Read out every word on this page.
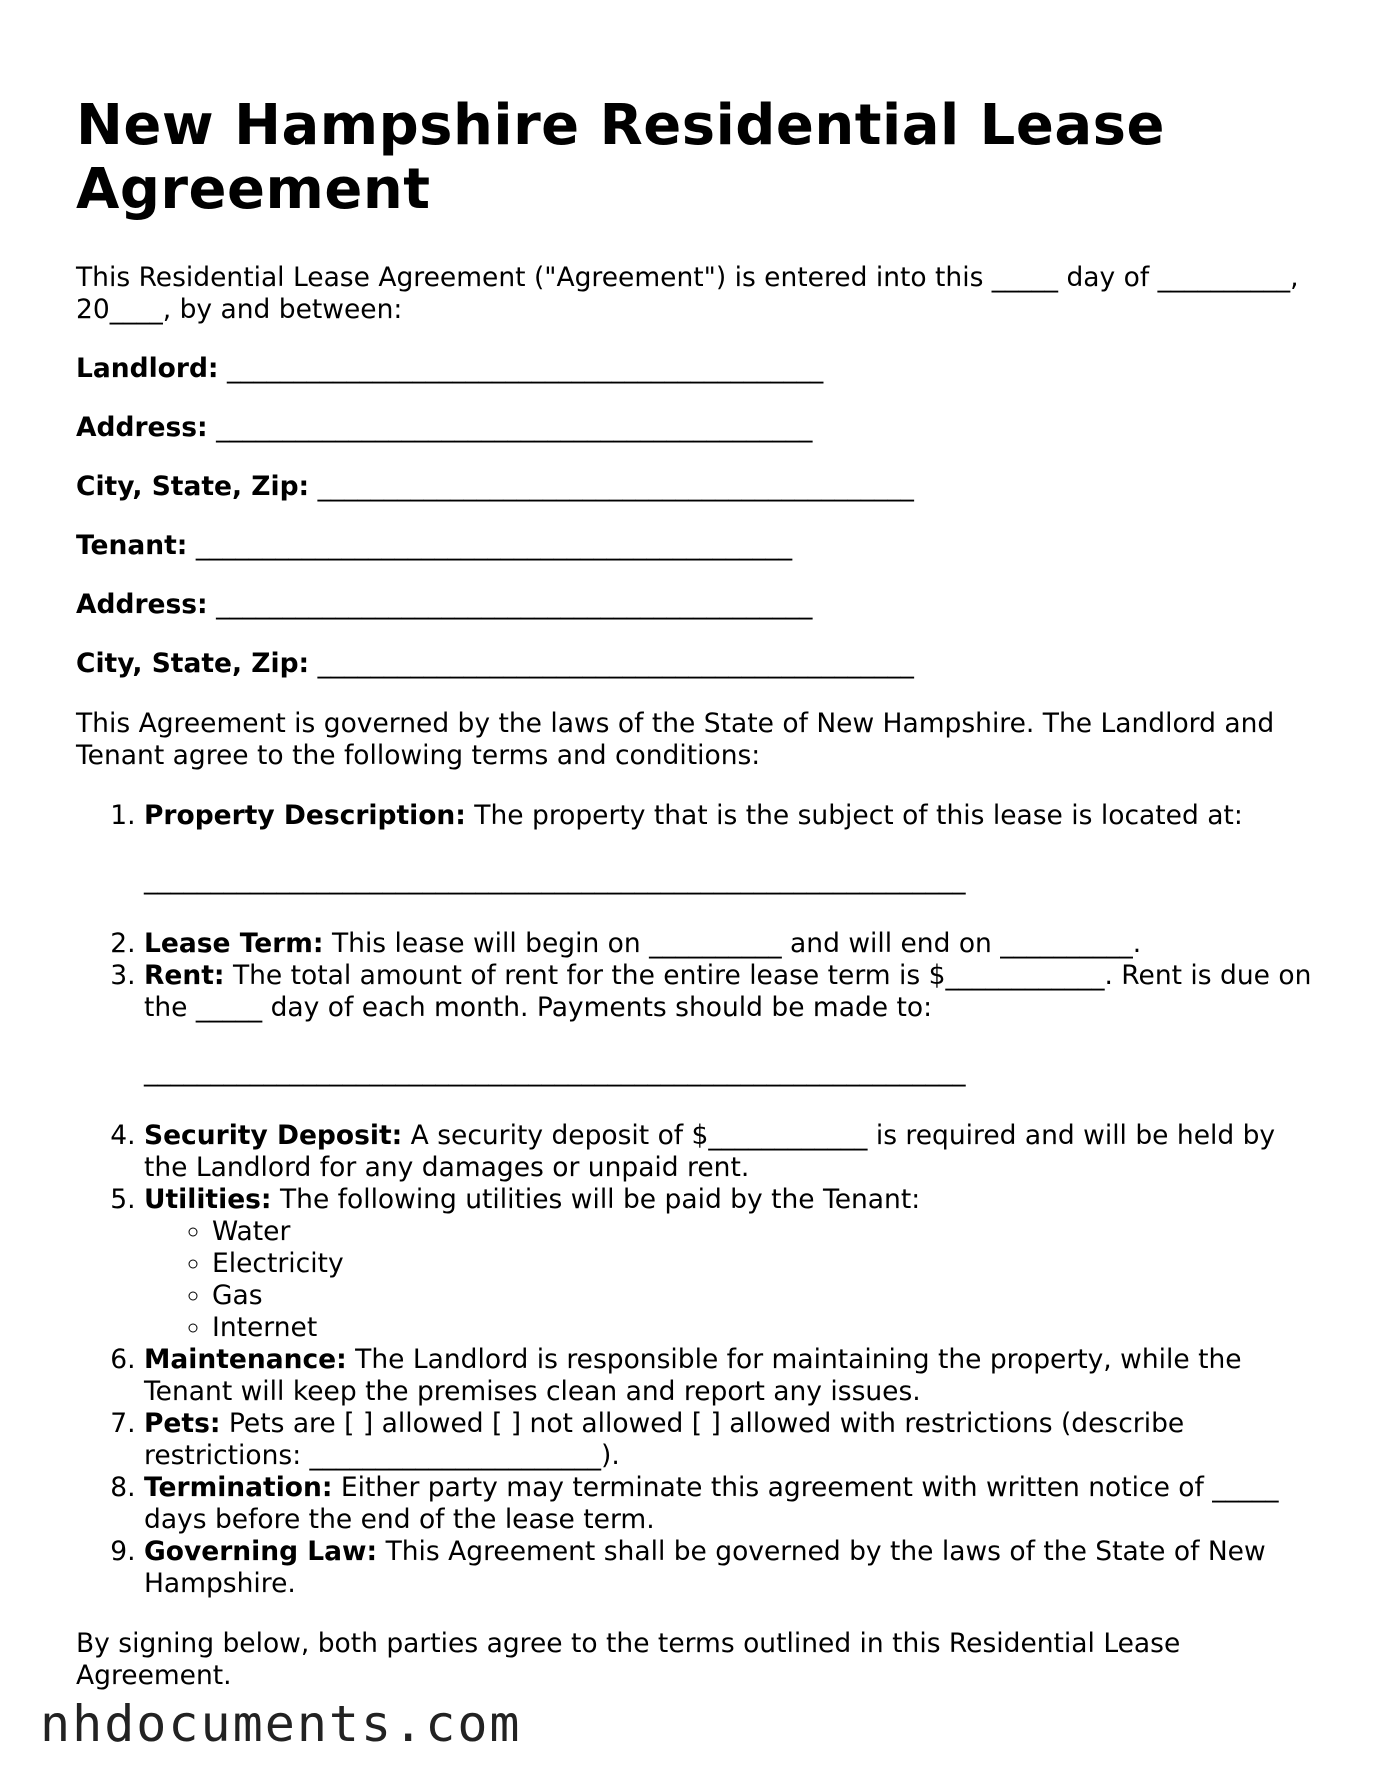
New Hampshire Residential Lease Agreement

This Residential Lease Agreement ("Agreement") is entered into this _____ day of __________, 20____, by and between:

Landlord: _____________________________________________
Address: _____________________________________________
City, State, Zip: _____________________________________________
Tenant: _____________________________________________
Address: _____________________________________________
City, State, Zip: _____________________________________________

This Agreement is governed by the laws of the State of New Hampshire. The Landlord and Tenant agree to the following terms and conditions:

1. Property Description: The property that is the subject of this lease is located at:
______________________________________________________________
2. Lease Term: This lease will begin on __________ and will end on __________.
3. Rent: The total amount of rent for the entire lease term is $____________. Rent is due on the _____ day of each month. Payments should be made to:
______________________________________________________________
4. Security Deposit: A security deposit of $____________ is required and will be held by the Landlord for any damages or unpaid rent.
5. Utilities: The following utilities will be paid by the Tenant:
◦ Water
◦ Electricity
◦ Gas
◦ Internet
6. Maintenance: The Landlord is responsible for maintaining the property, while the Tenant will keep the premises clean and report any issues.
7. Pets: Pets are [ ] allowed [ ] not allowed [ ] allowed with restrictions (describe restrictions: ______________________).
8. Termination: Either party may terminate this agreement with written notice of _____ days before the end of the lease term.
9. Governing Law: This Agreement shall be governed by the laws of the State of New Hampshire.

By signing below, both parties agree to the terms outlined in this Residential Lease Agreement.

nhdocuments.com
